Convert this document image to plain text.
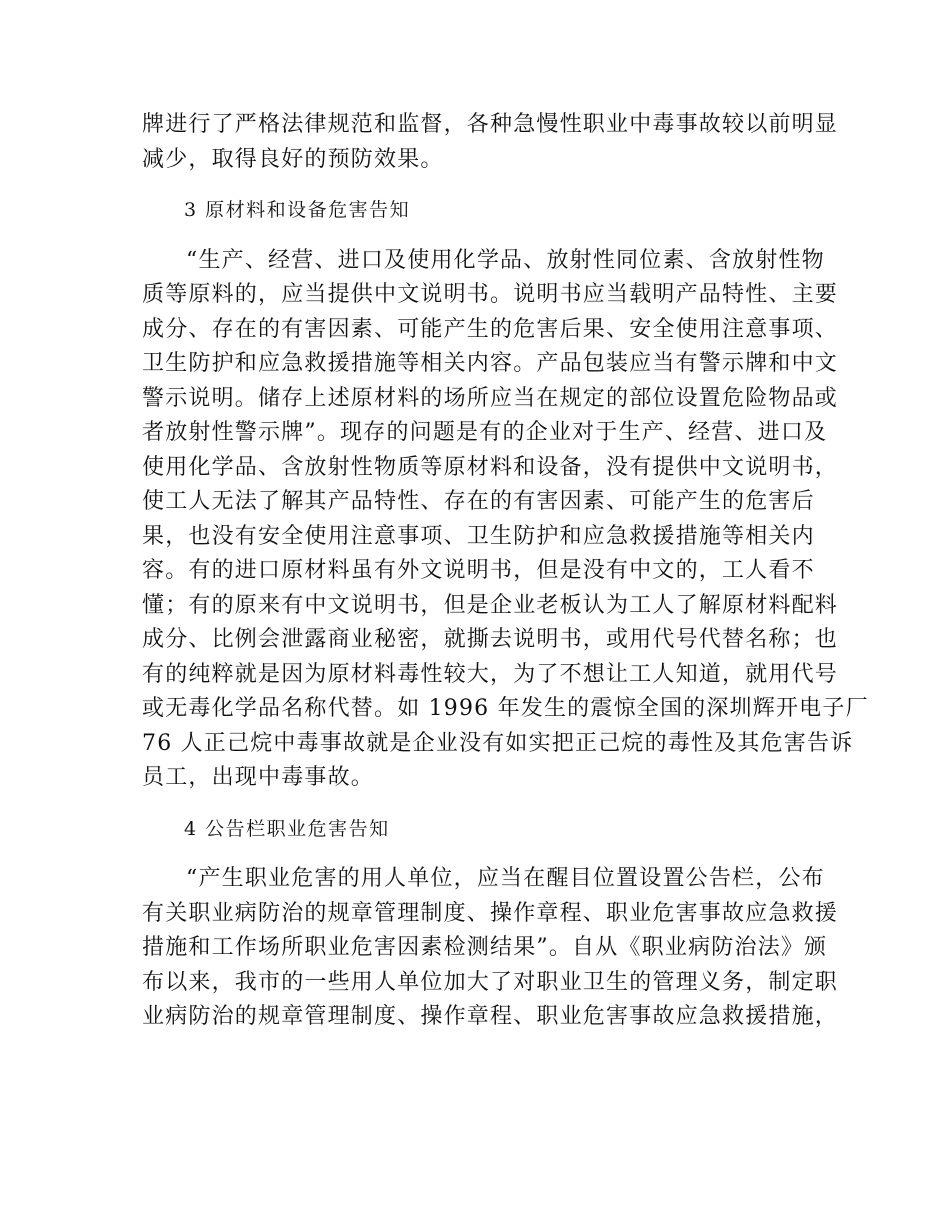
牌进行了严格法律规范和监督，各种急慢性职业中毒事故较以前明显
减少，取得良好的预防效果。
3 原材料和设备危害告知
“生产、经营、进口及使用化学品、放射性同位素、含放射性物
质等原料的，应当提供中文说明书。说明书应当载明产品特性、主要
成分、存在的有害因素、可能产生的危害后果、安全使用注意事项、
卫生防护和应急救援措施等相关内容。产品包装应当有警示牌和中文
警示说明。储存上述原材料的场所应当在规定的部位设置危险物品或
者放射性警示牌”。现存的问题是有的企业对于生产、经营、进口及
使用化学品、含放射性物质等原材料和设备，没有提供中文说明书，
使工人无法了解其产品特性、存在的有害因素、可能产生的危害后
果，也没有安全使用注意事项、卫生防护和应急救援措施等相关内
容。有的进口原材料虽有外文说明书，但是没有中文的，工人看不
懂；有的原来有中文说明书，但是企业老板认为工人了解原材料配料
成分、比例会泄露商业秘密，就撕去说明书，或用代号代替名称；也
有的纯粹就是因为原材料毒性较大，为了不想让工人知道，就用代号
或无毒化学品名称代替。如 1996 年发生的震惊全国的深圳辉开电子厂
76 人正己烷中毒事故就是企业没有如实把正己烷的毒性及其危害告诉
员工，出现中毒事故。
4 公告栏职业危害告知
“产生职业危害的用人单位，应当在醒目位置设置公告栏，公布
有关职业病防治的规章管理制度、操作章程、职业危害事故应急救援
措施和工作场所职业危害因素检测结果”。自从《职业病防治法》颁
布以来，我市的一些用人单位加大了对职业卫生的管理义务，制定职
业病防治的规章管理制度、操作章程、职业危害事故应急救援措施，
